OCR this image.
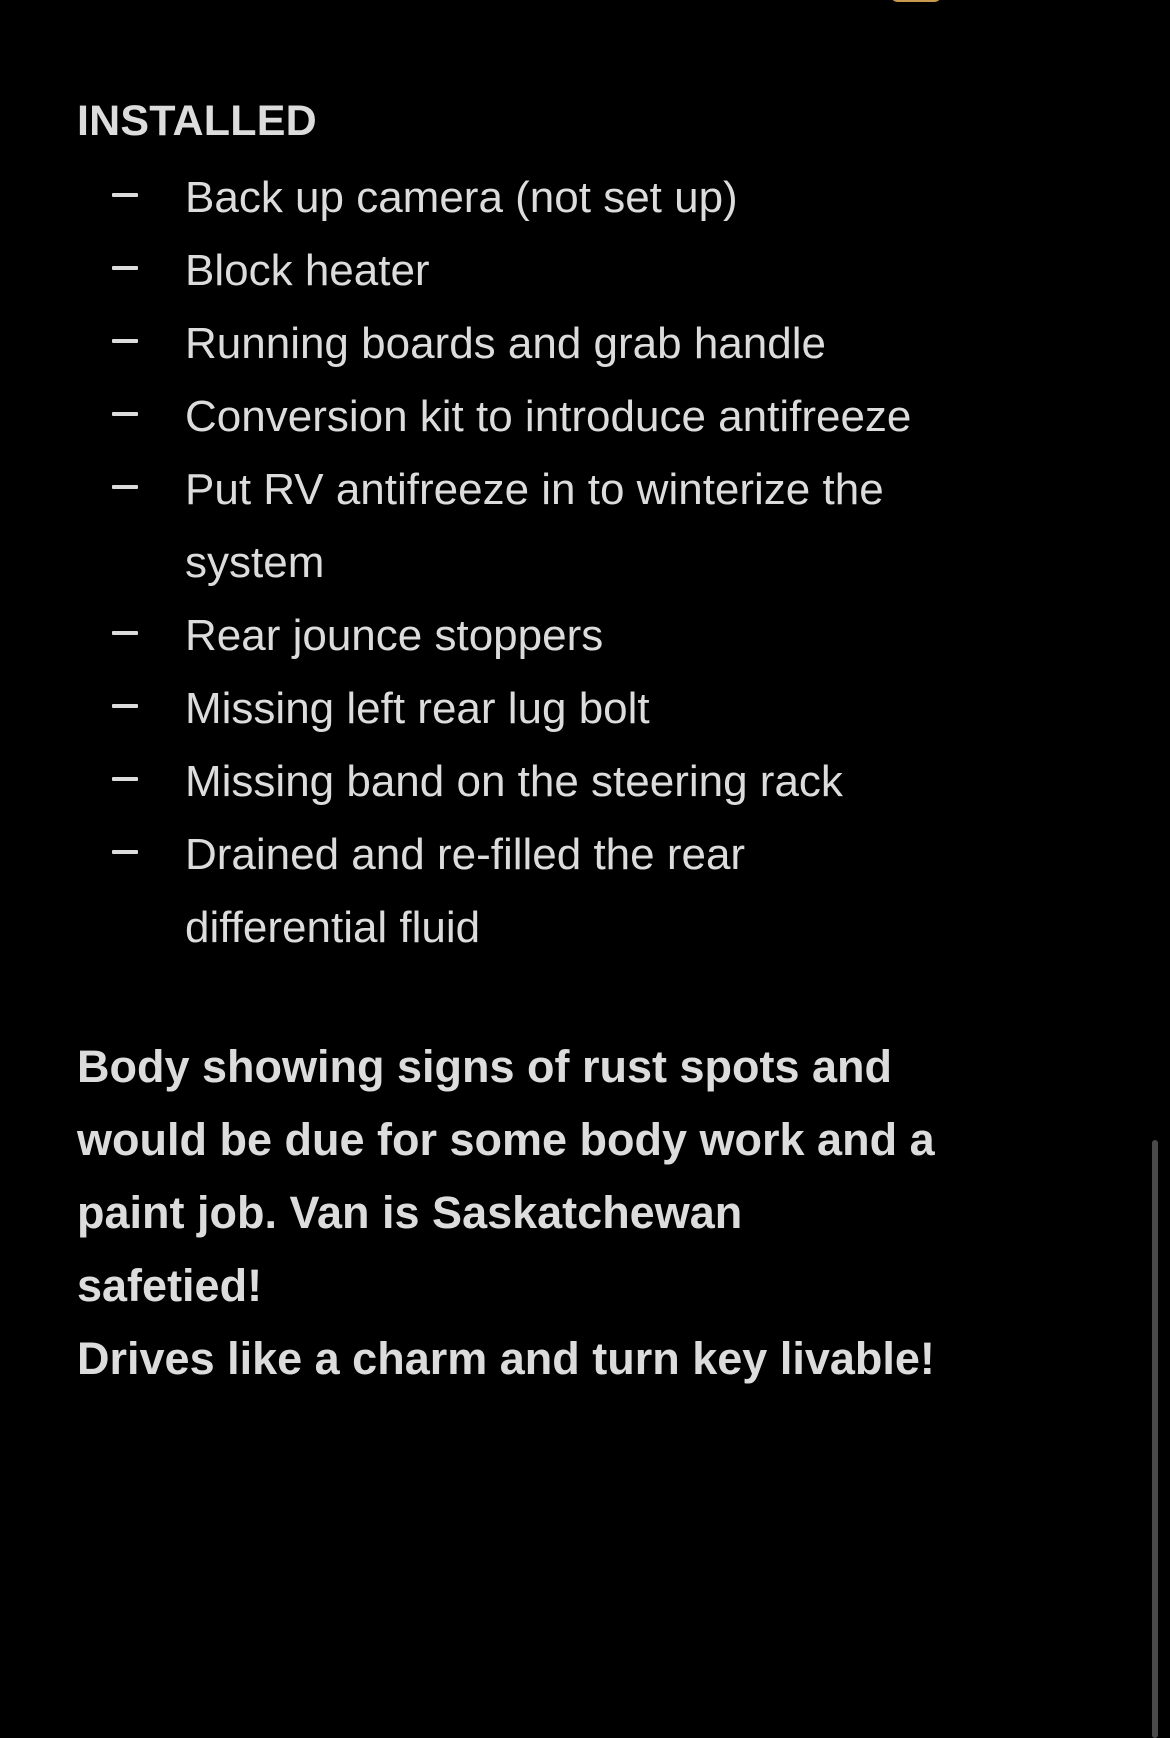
INSTALLED
Back up camera (not set up)
Block heater
Running boards and grab handle
Conversion kit to introduce antifreeze
Put RV antifreeze in to winterize the system
Rear jounce stoppers
Missing left rear lug bolt
Missing band on the steering rack
Drained and re-filled the rear differential fluid

Body showing signs of rust spots and
would be due for some body work and a
paint job. Van is Saskatchewan
safetied!
Drives like a charm and turn key livable!
